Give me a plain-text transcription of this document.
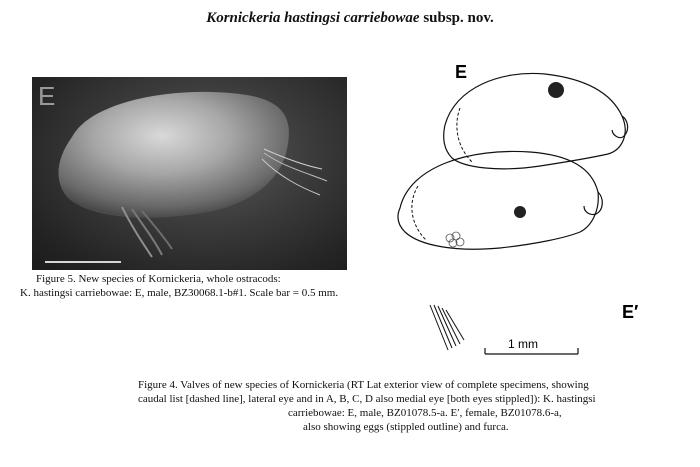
Kornickeria hastingsi carriebowae subsp. nov.
E
Figure 5. New species of Kornickeria, whole ostracods:
K. hastingsi carriebowae: E, male, BZ30068.1-b#1. Scale bar = 0.5 mm.
E
E′
1 mm
Figure 4. Valves of new species of Kornickeria (RT Lat exterior view of complete specimens, showing
caudal list [dashed line], lateral eye and in A, B, C, D also medial eye [both eyes stippled]): K. hastingsi
carriebowae: E, male, BZ01078.5-a. E′, female, BZ01078.6-a,
also showing eggs (stippled outline) and furca.
